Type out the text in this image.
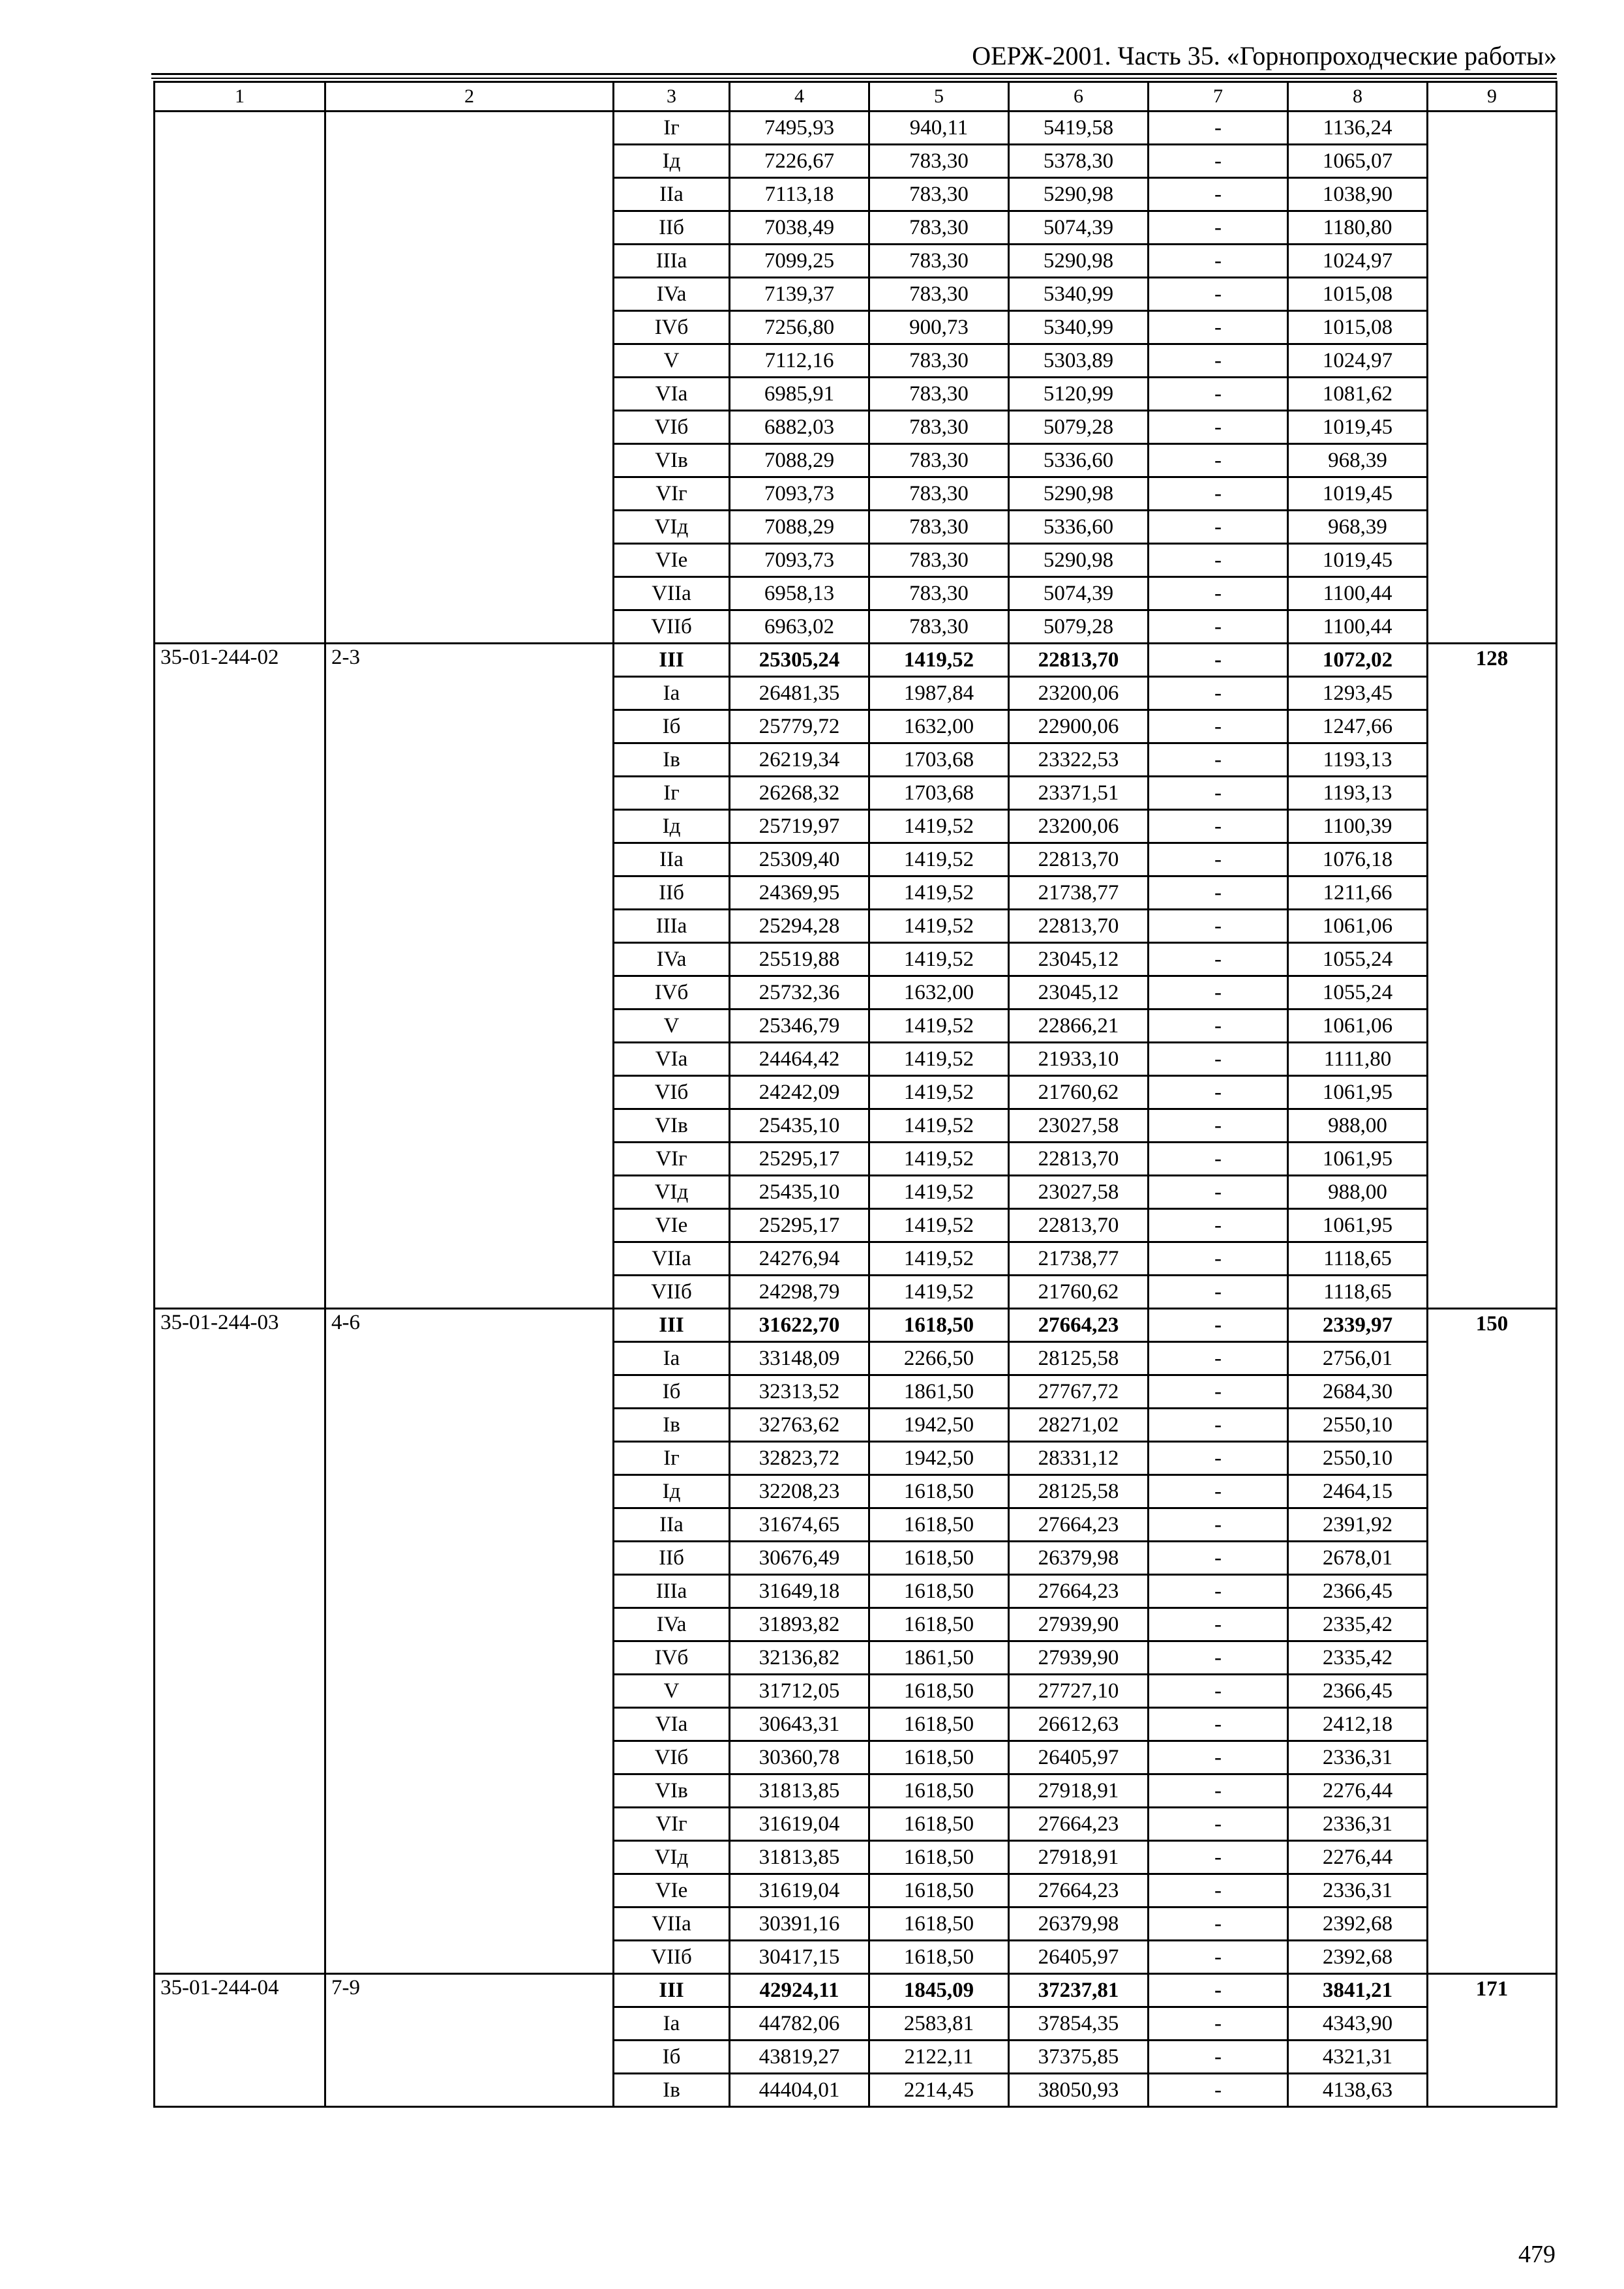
ОЕРЖ-2001. Часть 35. «Горнопроходческие работы»
1	2	3	4	5	6	7	8	9
		Iг	7495,93	940,11	5419,58	-	1136,24	
		Iд	7226,67	783,30	5378,30	-	1065,07	
		IIa	7113,18	783,30	5290,98	-	1038,90	
		IIб	7038,49	783,30	5074,39	-	1180,80	
		IIIa	7099,25	783,30	5290,98	-	1024,97	
		IVa	7139,37	783,30	5340,99	-	1015,08	
		IVб	7256,80	900,73	5340,99	-	1015,08	
		V	7112,16	783,30	5303,89	-	1024,97	
		VIa	6985,91	783,30	5120,99	-	1081,62	
		VIб	6882,03	783,30	5079,28	-	1019,45	
		VIв	7088,29	783,30	5336,60	-	968,39	
		VIг	7093,73	783,30	5290,98	-	1019,45	
		VIд	7088,29	783,30	5336,60	-	968,39	
		VIe	7093,73	783,30	5290,98	-	1019,45	
		VIIa	6958,13	783,30	5074,39	-	1100,44	
		VIIб	6963,02	783,30	5079,28	-	1100,44	
35-01-244-02	2-3	III	25305,24	1419,52	22813,70	-	1072,02	128
		Ia	26481,35	1987,84	23200,06	-	1293,45	
		Iб	25779,72	1632,00	22900,06	-	1247,66	
		Iв	26219,34	1703,68	23322,53	-	1193,13	
		Iг	26268,32	1703,68	23371,51	-	1193,13	
		Iд	25719,97	1419,52	23200,06	-	1100,39	
		IIa	25309,40	1419,52	22813,70	-	1076,18	
		IIб	24369,95	1419,52	21738,77	-	1211,66	
		IIIa	25294,28	1419,52	22813,70	-	1061,06	
		IVa	25519,88	1419,52	23045,12	-	1055,24	
		IVб	25732,36	1632,00	23045,12	-	1055,24	
		V	25346,79	1419,52	22866,21	-	1061,06	
		VIa	24464,42	1419,52	21933,10	-	1111,80	
		VIб	24242,09	1419,52	21760,62	-	1061,95	
		VIв	25435,10	1419,52	23027,58	-	988,00	
		VIг	25295,17	1419,52	22813,70	-	1061,95	
		VIд	25435,10	1419,52	23027,58	-	988,00	
		VIe	25295,17	1419,52	22813,70	-	1061,95	
		VIIa	24276,94	1419,52	21738,77	-	1118,65	
		VIIб	24298,79	1419,52	21760,62	-	1118,65	
35-01-244-03	4-6	III	31622,70	1618,50	27664,23	-	2339,97	150
		Ia	33148,09	2266,50	28125,58	-	2756,01	
		Iб	32313,52	1861,50	27767,72	-	2684,30	
		Iв	32763,62	1942,50	28271,02	-	2550,10	
		Iг	32823,72	1942,50	28331,12	-	2550,10	
		Iд	32208,23	1618,50	28125,58	-	2464,15	
		IIa	31674,65	1618,50	27664,23	-	2391,92	
		IIб	30676,49	1618,50	26379,98	-	2678,01	
		IIIa	31649,18	1618,50	27664,23	-	2366,45	
		IVa	31893,82	1618,50	27939,90	-	2335,42	
		IVб	32136,82	1861,50	27939,90	-	2335,42	
		V	31712,05	1618,50	27727,10	-	2366,45	
		VIa	30643,31	1618,50	26612,63	-	2412,18	
		VIб	30360,78	1618,50	26405,97	-	2336,31	
		VIв	31813,85	1618,50	27918,91	-	2276,44	
		VIг	31619,04	1618,50	27664,23	-	2336,31	
		VIд	31813,85	1618,50	27918,91	-	2276,44	
		VIe	31619,04	1618,50	27664,23	-	2336,31	
		VIIa	30391,16	1618,50	26379,98	-	2392,68	
		VIIб	30417,15	1618,50	26405,97	-	2392,68	
35-01-244-04	7-9	III	42924,11	1845,09	37237,81	-	3841,21	171
		Ia	44782,06	2583,81	37854,35	-	4343,90	
		Iб	43819,27	2122,11	37375,85	-	4321,31	
		Iв	44404,01	2214,45	38050,93	-	4138,63	
479
